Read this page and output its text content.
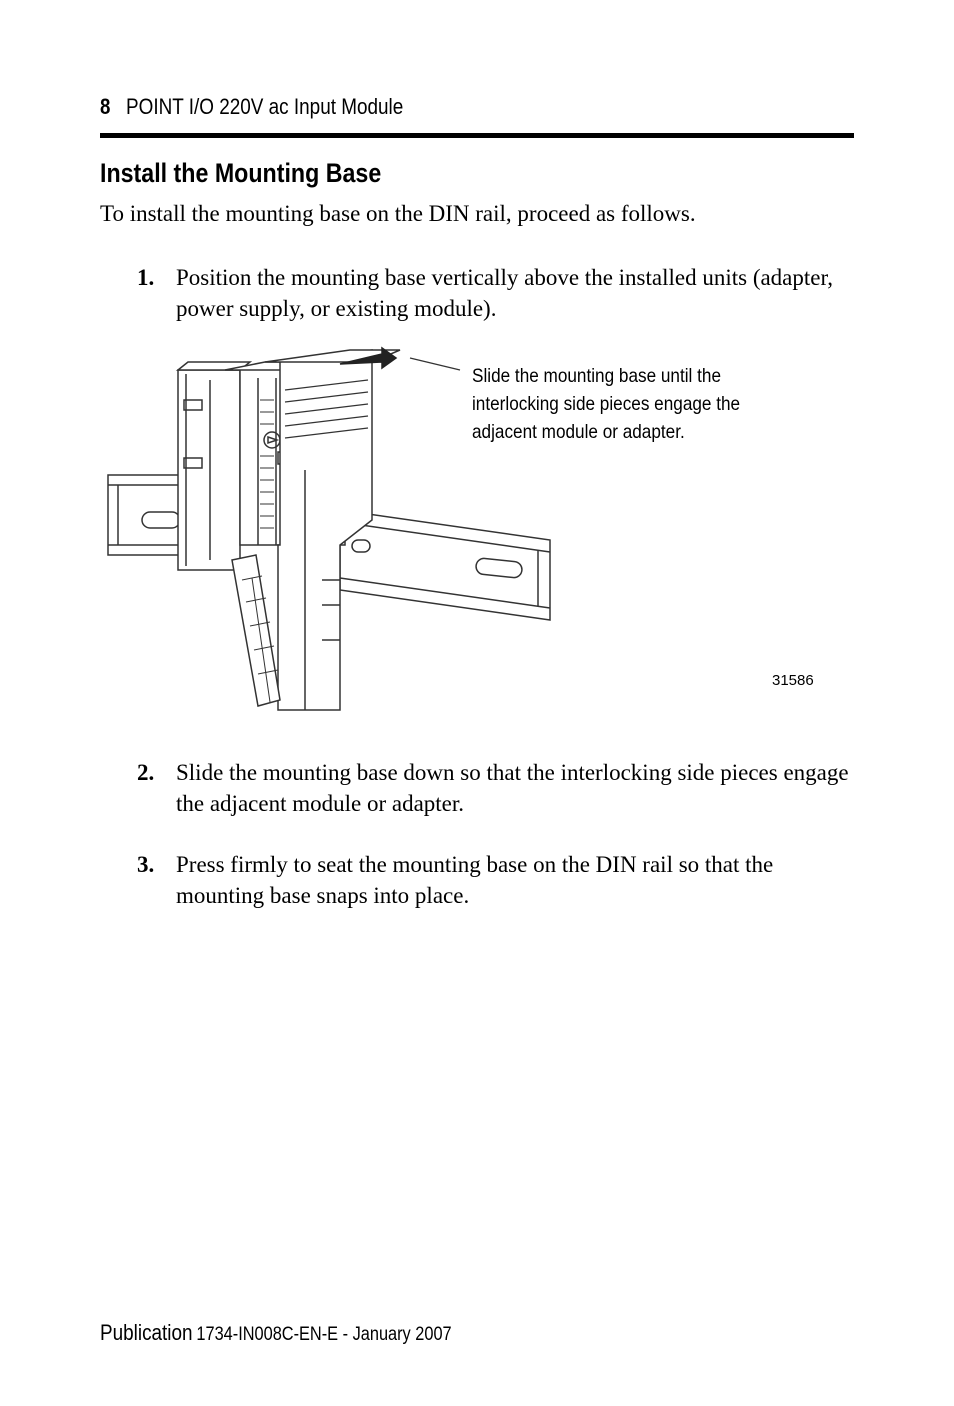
8 POINT I/O 220V ac Input Module
Install the Mounting Base

To install the mounting base on the DIN rail, proceed as follows.

1. Position the mounting base vertically above the installed units (adapter, power supply, or existing module).
Slide the mounting base until the interlocking side pieces engage the adjacent module or adapter.
31586
2. Slide the mounting base down so that the interlocking side pieces engage the adjacent module or adapter.
3. Press firmly to seat the mounting base on the DIN rail so that the mounting base snaps into place.
Publication 1734-IN008C-EN-E - January 2007
